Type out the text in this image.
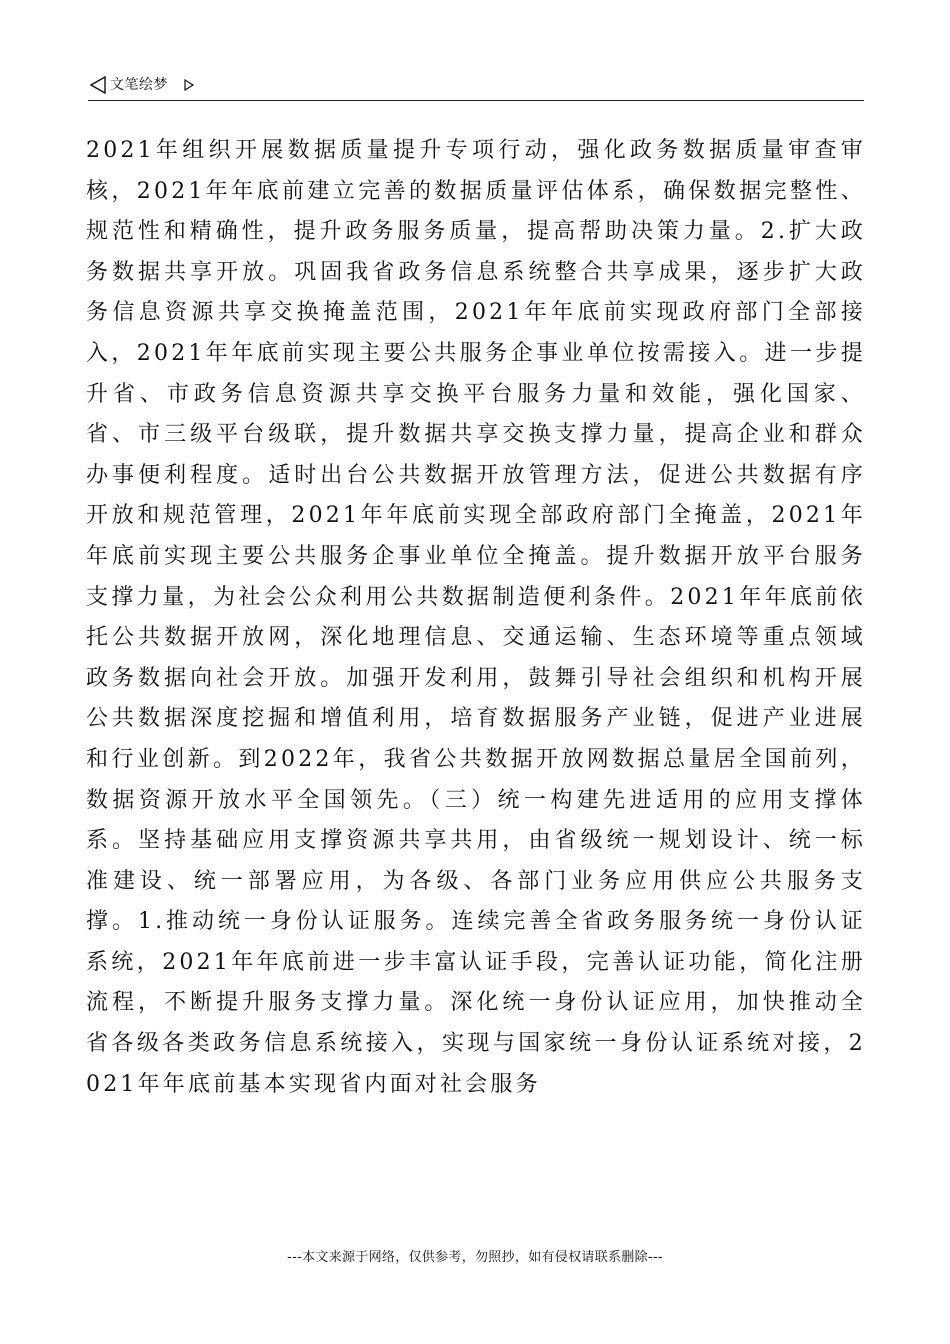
文笔绘梦

2021年组织开展数据质量提升专项行动，强化政务数据质量审查审核，2021年年底前建立完善的数据质量评估体系，确保数据完整性、规范性和精确性，提升政务服务质量，提高帮助决策力量。2.扩大政务数据共享开放。巩固我省政务信息系统整合共享成果，逐步扩大政务信息资源共享交换掩盖范围，2021年年底前实现政府部门全部接入，2021年年底前实现主要公共服务企事业单位按需接入。进一步提升省、市政务信息资源共享交换平台服务力量和效能，强化国家、省、市三级平台级联，提升数据共享交换支撑力量，提高企业和群众办事便利程度。适时出台公共数据开放管理方法，促进公共数据有序开放和规范管理，2021年年底前实现全部政府部门全掩盖，2021年年底前实现主要公共服务企事业单位全掩盖。提升数据开放平台服务支撑力量，为社会公众利用公共数据制造便利条件。2021年年底前依托公共数据开放网，深化地理信息、交通运输、生态环境等重点领域政务数据向社会开放。加强开发利用，鼓舞引导社会组织和机构开展公共数据深度挖掘和增值利用，培育数据服务产业链，促进产业进展和行业创新。到2022年，我省公共数据开放网数据总量居全国前列，数据资源开放水平全国领先。（三）统一构建先进适用的应用支撑体系。坚持基础应用支撑资源共享共用，由省级统一规划设计、统一标准建设、统一部署应用，为各级、各部门业务应用供应公共服务支撑。1.推动统一身份认证服务。连续完善全省政务服务统一身份认证系统，2021年年底前进一步丰富认证手段，完善认证功能，简化注册流程，不断提升服务支撑力量。深化统一身份认证应用，加快推动全省各级各类政务信息系统接入，实现与国家统一身份认证系统对接，2021年年底前基本实现省内面对社会服务

---本文来源于网络，仅供参考，勿照抄，如有侵权请联系删除---
